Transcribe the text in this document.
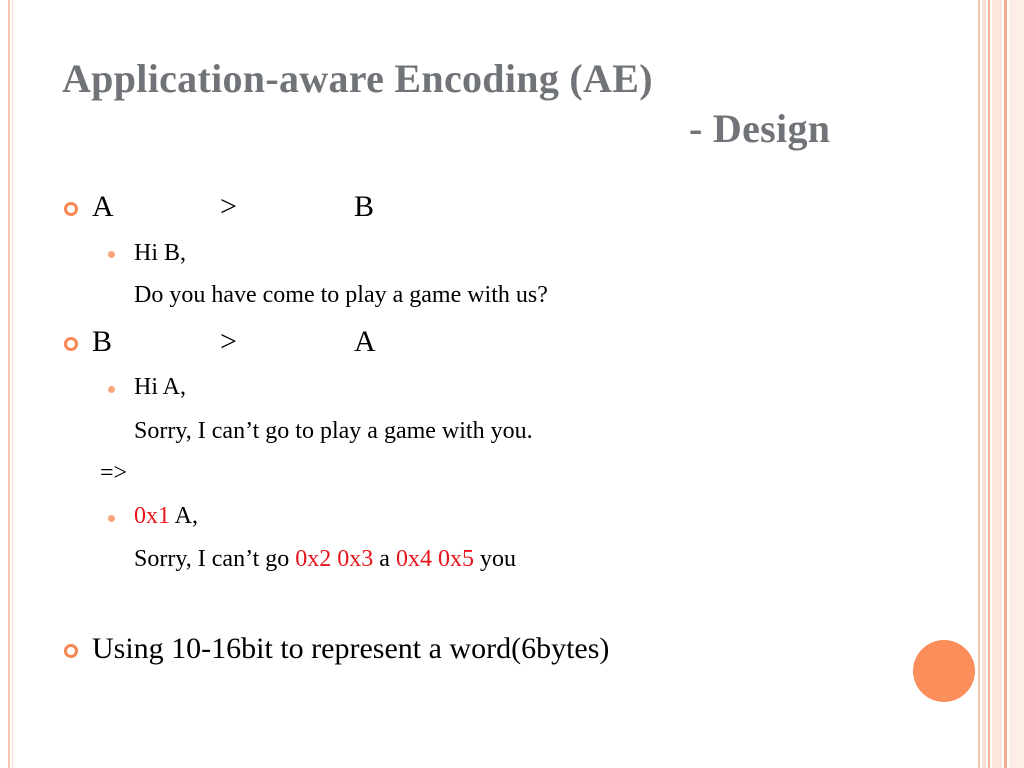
Application-aware Encoding (AE)
- Design
A	>	B
Hi B,
Do you have come to play a game with us?
B	>	A
Hi A,
Sorry, I can’t go to play a game with you.
=>
0x1 A,
Sorry, I can’t go 0x2 0x3 a 0x4 0x5 you
Using 10-16bit to represent a word(6bytes)
